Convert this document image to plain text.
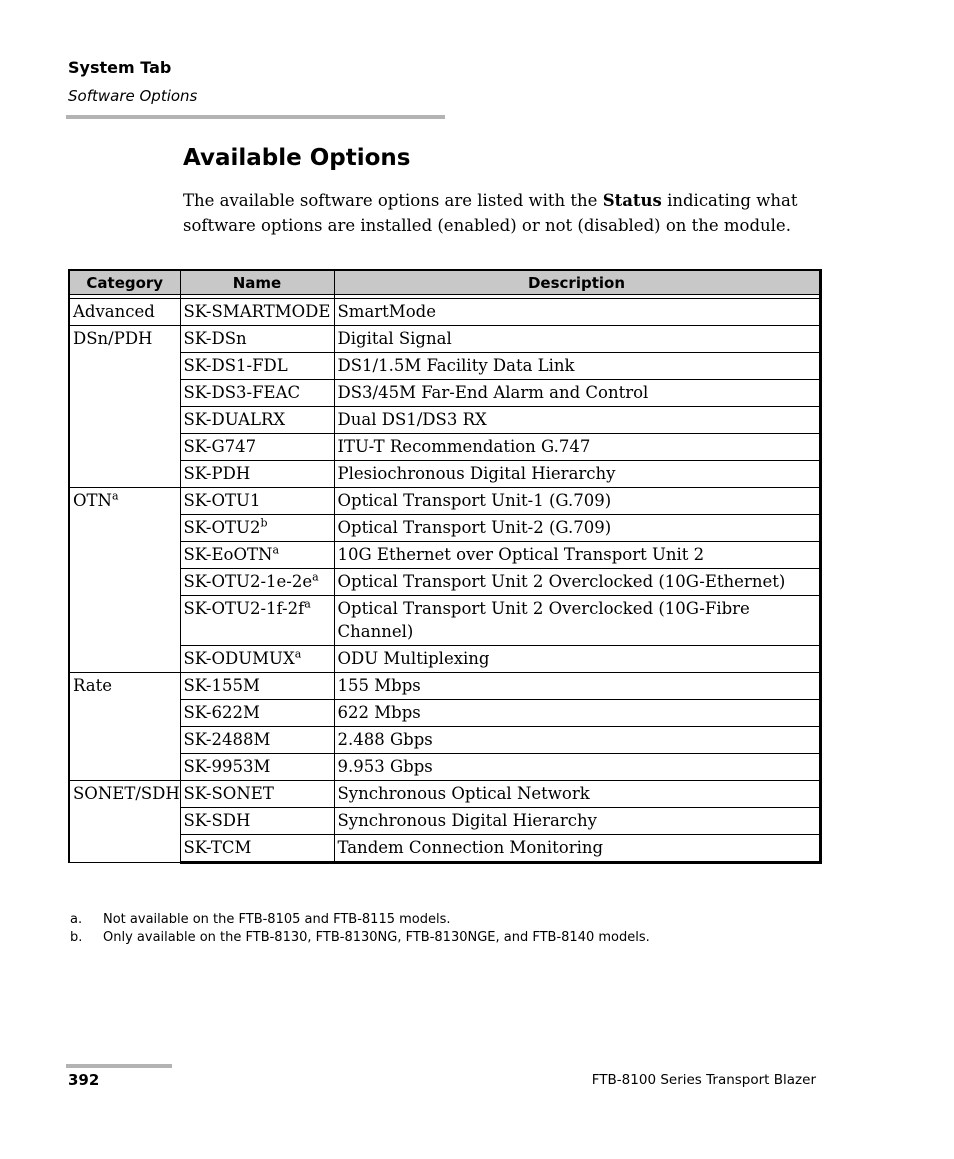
System Tab
Software Options
Available Options

The available software options are listed with the Status indicating what software options are installed (enabled) or not (disabled) on the module.

Category	Name	Description

Advanced	SK-SMARTMODE	SmartMode
DSn/PDH	SK-DSn	Digital Signal
	SK-DS1-FDL	DS1/1.5M Facility Data Link
	SK-DS3-FEAC	DS3/45M Far-End Alarm and Control
	SK-DUALRX	Dual DS1/DS3 RX
	SK-G747	ITU-T Recommendation G.747
	SK-PDH	Plesiochronous Digital Hierarchy
OTN$^a$	SK-OTU1	Optical Transport Unit-1 (G.709)
	SK-OTU2$^b$	Optical Transport Unit-2 (G.709)
	SK-EoOTN$^a$	10G Ethernet over Optical Transport Unit 2
	$SK-OTU2-1e-2e^a$	Optical Transport Unit 2 Overclocked (10G-Ethernet)
	$SK-OTU2-1f-2f^a$	Optical Transport Unit 2 Overclocked (10G-Fibre Channel)
	SK-ODUMUX$^a$	ODU Multiplexing
Rate	SK-155M	155 Mbps
	SK-622M	622 Mbps
	SK-2488M	2.488 Gbps
	SK-9953M	9.953 Gbps
SONET/SDH	SK-SONET	Synchronous Optical Network
	SK-SDH	Synchronous Digital Hierarchy
	SK-TCM	Tandem Connection Monitoring
a.	Not available on the FTB-8105 and FTB-8115 models.
b.	Only available on the FTB-8130, FTB-8130NG, FTB-8130NGE, and FTB-8140 models.
392	FTB-8100 Series Transport Blazer
